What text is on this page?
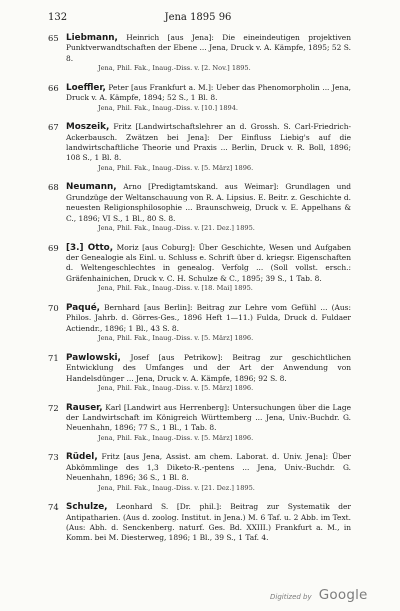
132	Jena 1895 96
65 Liebmann, Heinrich [aus Jena]: Die eineindeutigen projektiven Punktverwandtschaften der Ebene ... Jena, Druck v. A. Kämpfe, 1895; 52 S. 8.

Jena, Phil. Fak., Inaug.-Diss. v. [2. Nov.] 1895.

66 Loeffler, Peter [aus Frankfurt a. M.]: Ueber das Phenomorpholin ... Jena, Druck v. A. Kämpfe, 1894; 52 S., 1 Bl. 8.

Jena, Phil. Fak., Inaug.-Diss. v. [10.] 1894.

67 Moszeik, Fritz [Landwirtschaftslehrer an d. Grossh. S. Carl-Friedrich-Ackerbausch. Zwätzen bei Jena]: Der Einfluss Liebig's auf die landwirtschaftliche Theorie und Praxis ... Berlin, Druck v. R. Boll, 1896; 108 S., 1 Bl. 8.

Jena, Phil. Fak., Inaug.-Diss. v. [5. März] 1896.

68 Neumann, Arno [Predigtamtskand. aus Weimar]: Grundlagen und Grundzüge der Weltanschauung von R. A. Lipsius. E. Beitr. z. Geschichte d. neuesten Religionsphilosophie ... Braunschweig, Druck v. E. Appelhans & C., 1896; VI S., 1 Bl., 80 S. 8.

Jena, Phil. Fak., Inaug.-Diss. v. [21. Dez.] 1895.

69 [3.] Otto, Moriz [aus Coburg]: Über Geschichte, Wesen und Aufgaben der Genealogie als Einl. u. Schluss e. Schrift über d. kriegsr. Eigenschaften d. Weltengeschlechtes in genealog. Verfolg ... (Soll vollst. ersch.: Gräfenhainichen, Druck v. C. H. Schulze & C., 1895; 39 S., 1 Tab. 8.

Jena, Phil. Fak., Inaug.-Diss. v. [18. Mai] 1895.

70 Paqué, Bernhard [aus Berlin]: Beitrag zur Lehre vom Gefühl ... (Aus: Philos. Jahrb. d. Görres-Ges., 1896 Heft 1—11.) Fulda, Druck d. Fuldaer Actiendr., 1896; 1 Bl., 43 S. 8.

Jena, Phil. Fak., Inaug.-Diss. v. [5. März] 1896.

71 Pawlowski, Josef [aus Petrikow]: Beitrag zur geschichtlichen Entwicklung des Umfanges und der Art der Anwendung von Handelsdünger ... Jena, Druck v. A. Kämpfe, 1896; 92 S. 8.

Jena, Phil. Fak., Inaug.-Diss. v. [5. März] 1896.

72 Rauser, Karl [Landwirt aus Herrenberg]: Untersuchungen über die Lage der Landwirtschaft im Königreich Württemberg ... Jena, Univ.-Buchdr. G. Neuenhahn, 1896; 77 S., 1 Bl., 1 Tab. 8.

Jena, Phil. Fak., Inaug.-Diss. v. [5. März] 1896.

73 Rüdel, Fritz [aus Jena, Assist. am chem. Laborat. d. Univ. Jena]: Über Abkömmlinge des 1,3 Diketo-R.-pentens ... Jena, Univ.-Buchdr. G. Neuenhahn, 1896; 36 S., 1 Bl. 8.

Jena, Phil. Fak., Inaug.-Diss. v. [21. Dez.] 1895.

74 Schulze, Leonhard S. [Dr. phil.]: Beitrag zur Systematik der Antipatharien. (Aus d. zoolog. Institut. in Jena.) M. 6 Taf. u. 2 Abb. im Text. (Aus: Abh. d. Senckenberg. naturf. Ges. Bd. XXIII.) Frankfurt a. M., in Komm. bei M. Diesterweg, 1896; 1 Bl., 39 S., 1 Taf. 4.

Digitized by Google
